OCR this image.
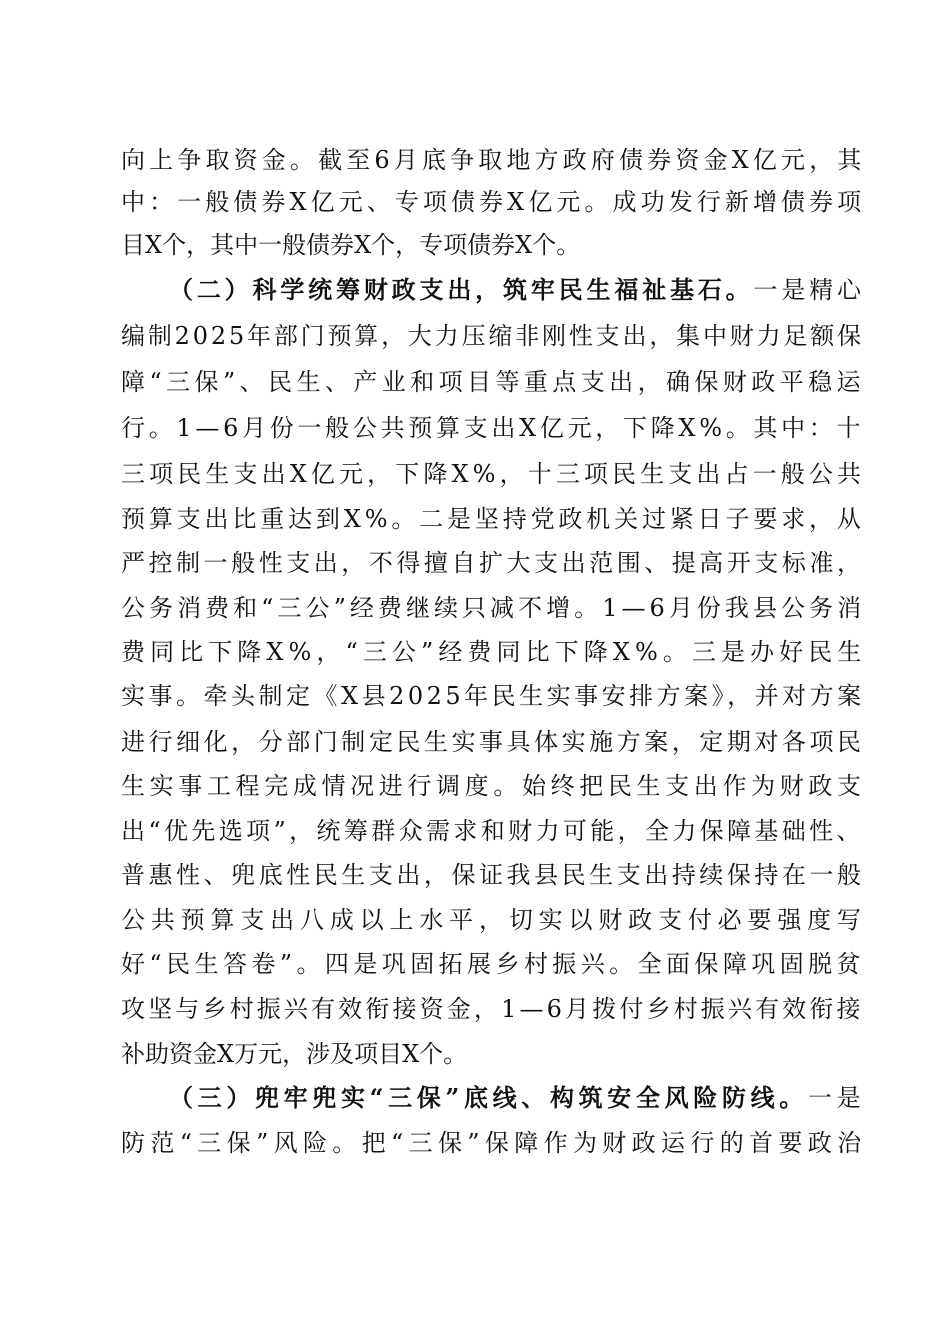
向上争取资金。截至6月底争取地方政府债券资金X亿元，其
中：一般债券X亿元、专项债券X亿元。成功发行新增债券项
目X个，其中一般债券X个，专项债券X个。
（二）科学统筹财政支出，筑牢民生福祉基石。一是精心
编制2025年部门预算，大力压缩非刚性支出，集中财力足额保
障“三保”、民生、产业和项目等重点支出，确保财政平稳运
行。1—6月份一般公共预算支出X亿元，下降X%。其中：十
三项民生支出X亿元，下降X%，十三项民生支出占一般公共
预算支出比重达到X%。二是坚持党政机关过紧日子要求，从
严控制一般性支出，不得擅自扩大支出范围、提高开支标准，
公务消费和“三公”经费继续只减不增。1—6月份我县公务消
费同比下降X%，“三公”经费同比下降X%。三是办好民生
实事。牵头制定《X县2025年民生实事安排方案》，并对方案
进行细化，分部门制定民生实事具体实施方案，定期对各项民
生实事工程完成情况进行调度。始终把民生支出作为财政支
出“优先选项”，统筹群众需求和财力可能，全力保障基础性、
普惠性、兜底性民生支出，保证我县民生支出持续保持在一般
公共预算支出八成以上水平，切实以财政支付必要强度写
好“民生答卷”。四是巩固拓展乡村振兴。全面保障巩固脱贫
攻坚与乡村振兴有效衔接资金，1—6月拨付乡村振兴有效衔接
补助资金X万元，涉及项目X个。
（三）兜牢兜实“三保”底线、构筑安全风险防线。一是
防范“三保”风险。把“三保”保障作为财政运行的首要政治
